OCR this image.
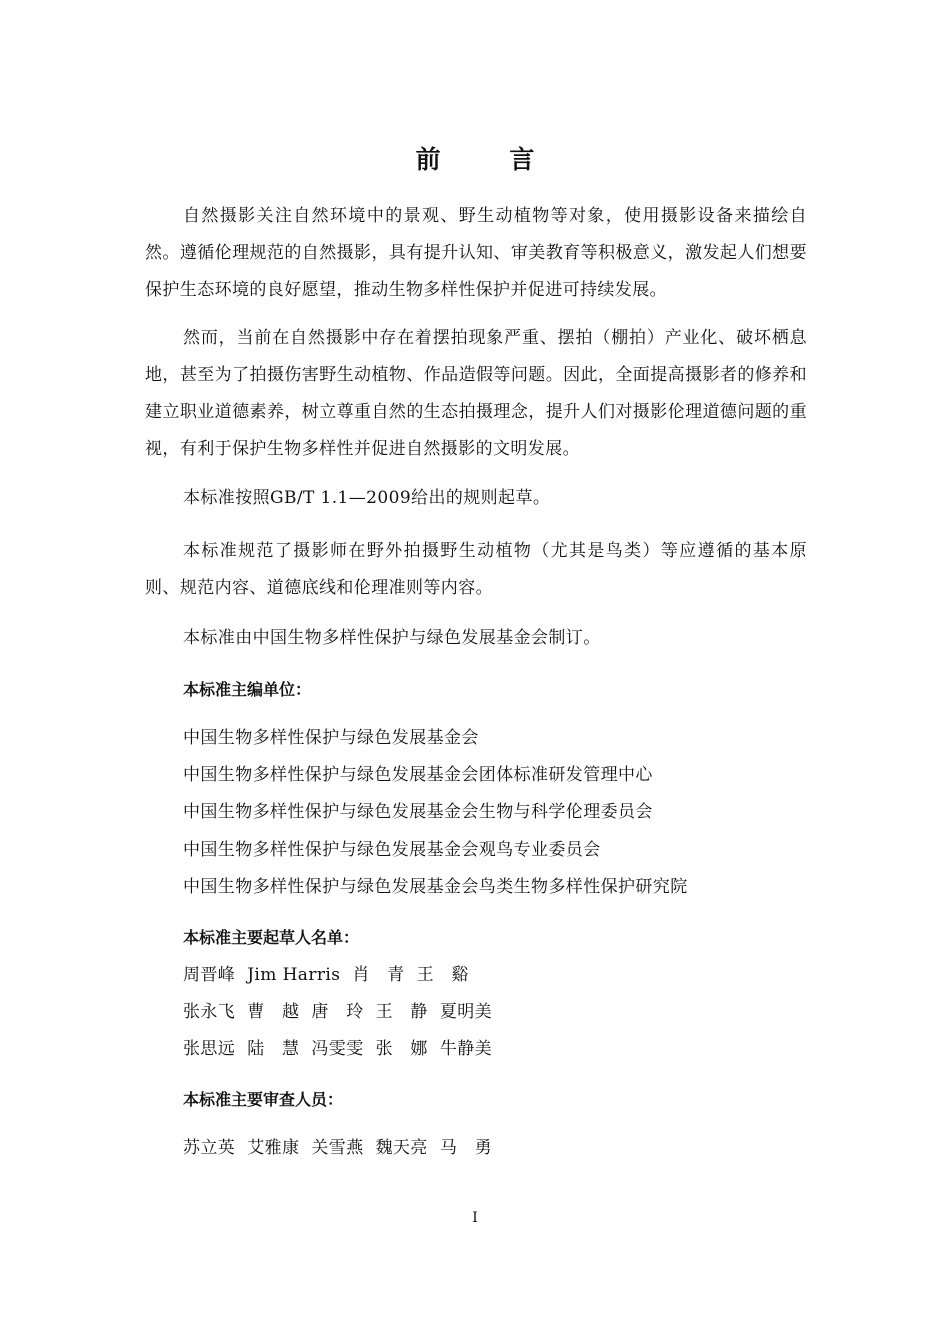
前 言

自然摄影关注自然环境中的景观、野生动植物等对象，使用摄影设备来描绘自然。遵循伦理规范的自然摄影，具有提升认知、审美教育等积极意义，激发起人们想要保护生态环境的良好愿望，推动生物多样性保护并促进可持续发展。

然而，当前在自然摄影中存在着摆拍现象严重、摆拍（棚拍）产业化、破坏栖息地，甚至为了拍摄伤害野生动植物、作品造假等问题。因此，全面提高摄影者的修养和建立职业道德素养，树立尊重自然的生态拍摄理念，提升人们对摄影伦理道德问题的重视，有利于保护生物多样性并促进自然摄影的文明发展。

本标准按照GB/T 1.1—2009给出的规则起草。

本标准规范了摄影师在野外拍摄野生动植物（尤其是鸟类）等应遵循的基本原则、规范内容、道德底线和伦理准则等内容。

本标准由中国生物多样性保护与绿色发展基金会制订。

本标准主编单位：
中国生物多样性保护与绿色发展基金会
中国生物多样性保护与绿色发展基金会团体标准研发管理中心
中国生物多样性保护与绿色发展基金会生物与科学伦理委员会
中国生物多样性保护与绿色发展基金会观鸟专业委员会
中国生物多样性保护与绿色发展基金会鸟类生物多样性保护研究院
本标准主要起草人名单：
周晋峰 Jim Harris 肖　青 王　谿
张永飞 曹　越 唐　玲 王　静 夏明美
张思远 陆　慧 冯雯雯 张　娜 牛静美
本标准主要审查人员：
苏立英 艾雅康 关雪燕 魏天亮 马　勇
I
